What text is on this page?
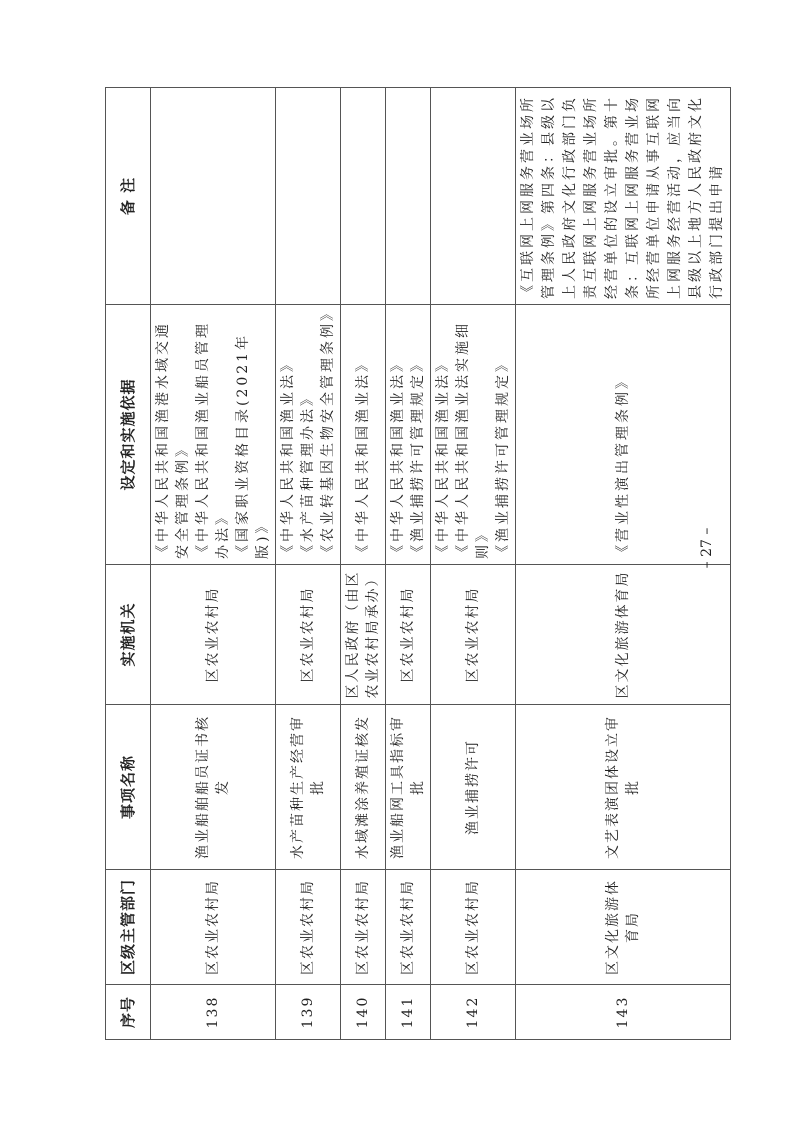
序号	区级主管部门	事项名称	实施机关	设定和实施依据	备 注
138	区农业农村局	渔业船舶船员证书核发	区农业农村局	《中华人民共和国渔港水域交通安全管理条例》 《中华人民共和国渔业船员管理办法》 《国家职业资格目录(2021年版)》	

139	区农业农村局	水产苗种生产经营审批	区农业农村局	《中华人民共和国渔业法》 《水产苗种管理办法》 《农业转基因生物安全管理条例》	

140	区农业农村局	水域滩涂养殖证核发	区人民政府（由区农业农村局承办）	《中华人民共和国渔业法》	

141	区农业农村局	渔业船网工具指标审批	区农业农村局	《中华人民共和国渔业法》 《渔业捕捞许可管理规定》	

142	区农业农村局	渔业捕捞许可	区农业农村局	《中华人民共和国渔业法》 《中华人民共和国渔业法实施细则》 《渔业捕捞许可管理规定》	

143	区文化旅游体育局	文艺表演团体设立审批	区文化旅游体育局	《营业性演出管理条例》	《互联网上网服务营业场所管理条例》第四条：县级以上人民政府文化行政部门负责互联网上网服务营业场所经营单位的设立审批。第十条：互联网上网服务营业场所经营单位申请从事互联网上网服务经营活动，应当向县级以上地方人民政府文化行政部门提出申请
– 27 –
